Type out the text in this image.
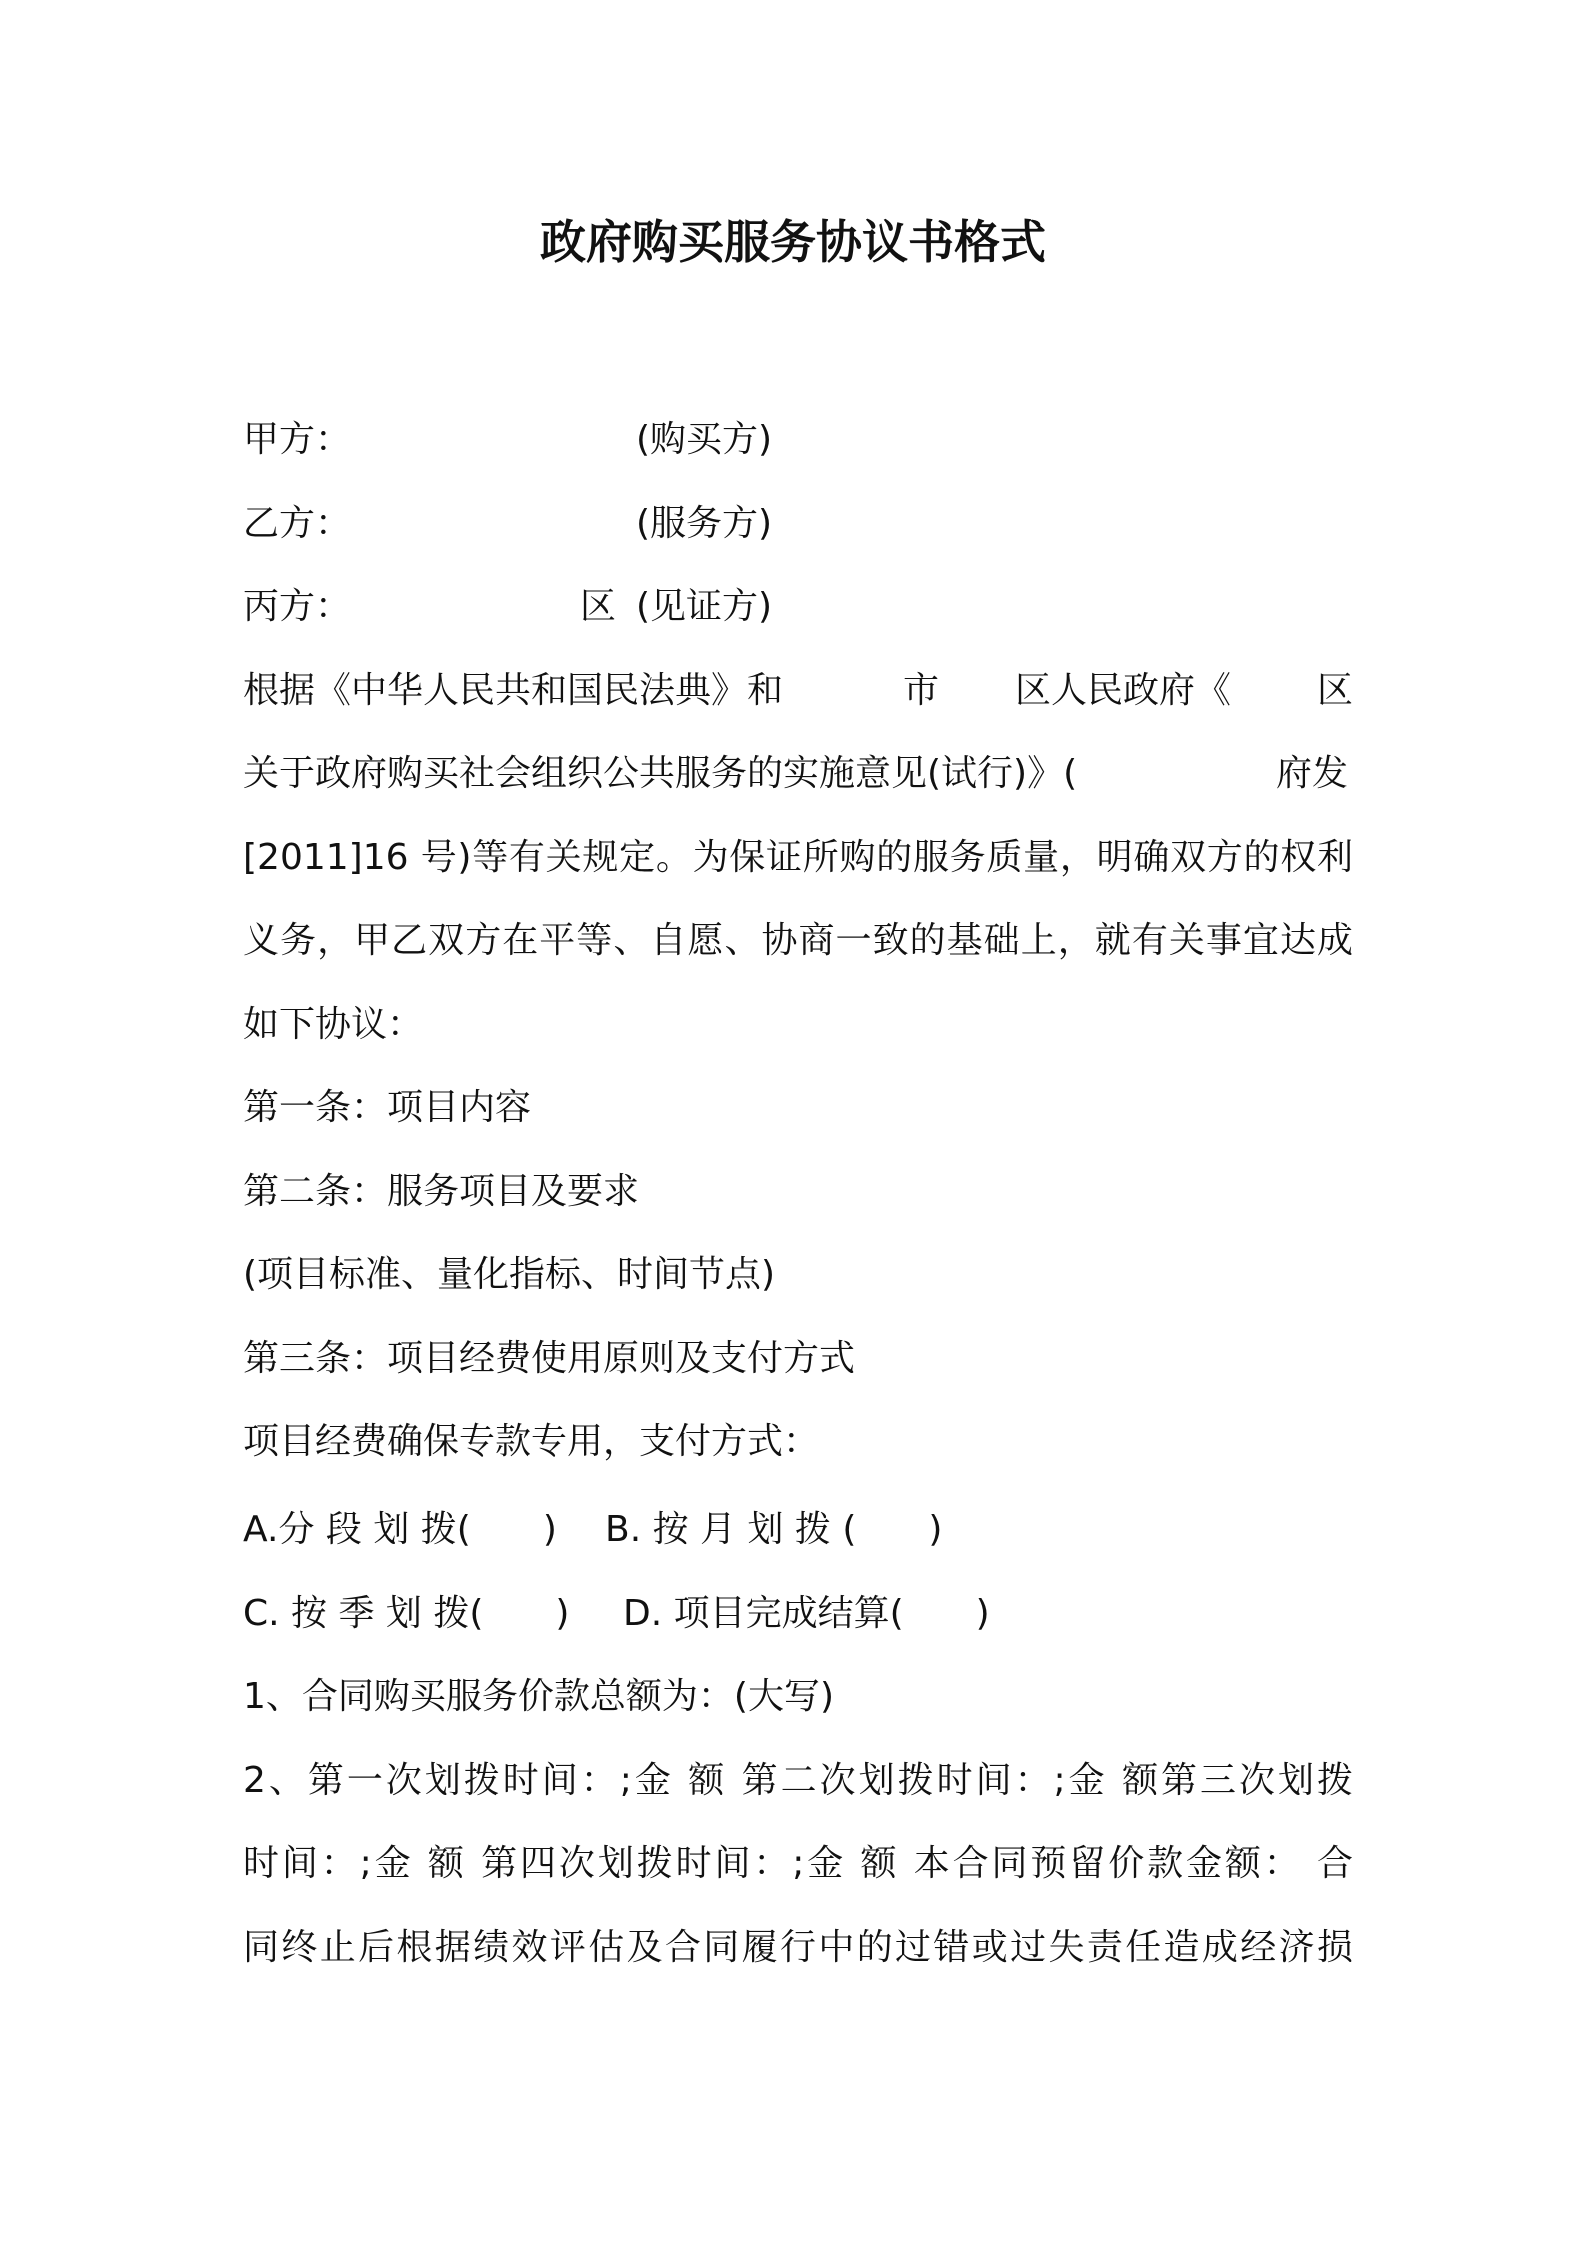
政府购买服务协议书格式
甲方：	(购买方)
乙方：	(服务方)
丙方：	区 (见证方)
根据《中华人民共和国民法典》和	市 区人民政府《 区
关于政府购买社会组织公共服务的实施意见(试行)》(	府发
[2011]16 号)等有关规定。为保证所购的服务质量，明确双方的权利
义务，甲乙双方在平等、自愿、协商一致的基础上，就有关事宜达成
如下协议：
第一条：项目内容
第二条：服务项目及要求
(项目标准、量化指标、时间节点)
第三条：项目经费使用原则及支付方式
项目经费确保专款专用，支付方式：
A.分 段 划 拨(　　) B. 按 月 划 拨 (　　)
C. 按 季 划 拨(　　) D. 项目完成结算(　　)
1、合同购买服务价款总额为：(大写)
2、第一次划拨时间：;金 额 第二次划拨时间：;金 额第三次划拨
时间：;金 额 第四次划拨时间：;金 额 本合同预留价款金额： 合
同终止后根据绩效评估及合同履行中的过错或过失责任造成经济损
